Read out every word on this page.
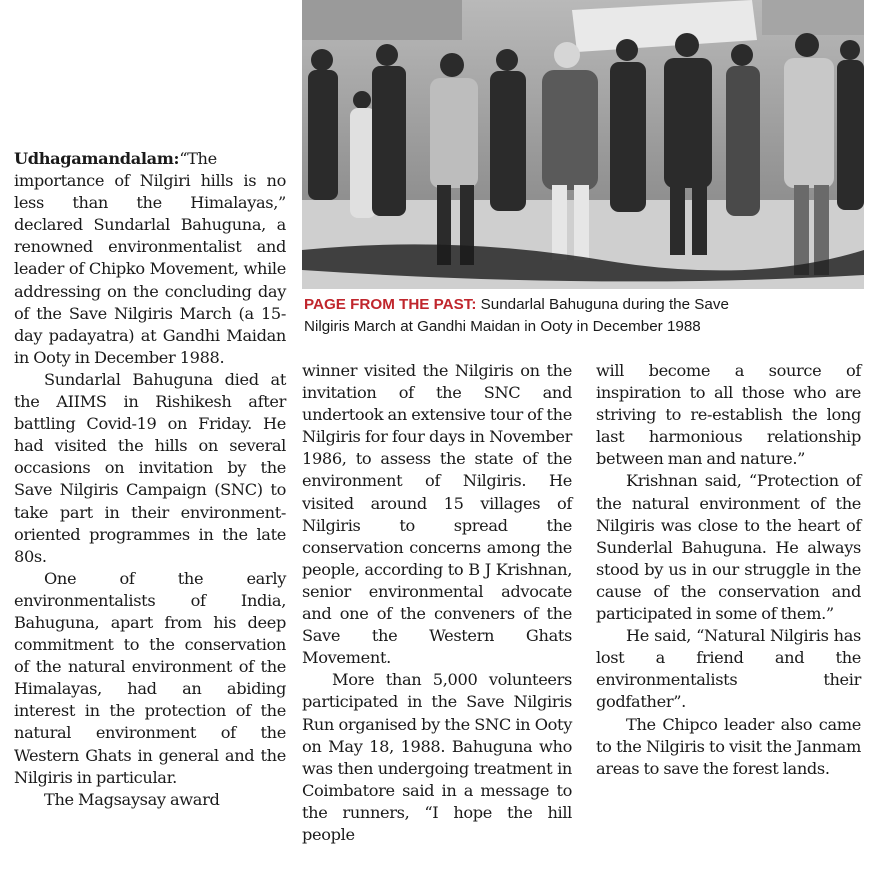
PAGE FROM THE PAST: Sundarlal Bahuguna during the Save
Nilgiris March at Gandhi Maidan in Ooty in December 1988

Udhagamandalam:“The importance of Nilgiri hills is no less than the Himalayas,” declared Sundarlal Bahuguna, a renowned environmentalist and leader of Chipko Movement, while addressing on the concluding day of the Save Nilgiris March (a 15-day padayatra) at Gandhi Maidan in Ooty in December 1988.

Sundarlal Bahuguna died at the AIIMS in Rishikesh after battling Covid-19 on Friday. He had visited the hills on several occasions on invitation by the Save Nilgiris Campaign (SNC) to take part in their environment-oriented programmes in the late 80s.

One of the early environmentalists of India, Bahuguna, apart from his deep commitment to the conservation of the natural environment of the Himalayas, had an abiding interest in the protection of the natural environment of the Western Ghats in general and the Nilgiris in particular.

The Magsaysay award

winner visited the Nilgiris on the invitation of the SNC and undertook an extensive tour of the Nilgiris for four days in November 1986, to assess the state of the environment of Nilgiris. He visited around 15 villages of Nilgiris to spread the conservation concerns among the people, according to B J Krishnan, senior environmental advocate and one of the conveners of the Save the Western Ghats Movement.

More than 5,000 volunteers participated in the Save Nilgiris Run organised by the SNC in Ooty on May 18, 1988. Bahuguna who was then undergoing treatment in Coimbatore said in a message to the runners, “I hope the hill people

will become a source of inspiration to all those who are striving to re-establish the long last harmonious relationship between man and nature.”

Krishnan said, “Protection of the natural environment of the Nilgiris was close to the heart of Sunderlal Bahuguna. He always stood by us in our struggle in the cause of the conservation and participated in some of them.”

He said, “Natural Nilgiris has lost a friend and the environmentalists their godfather”.

The Chipco leader also came to the Nilgiris to visit the Janmam areas to save the forest lands.
